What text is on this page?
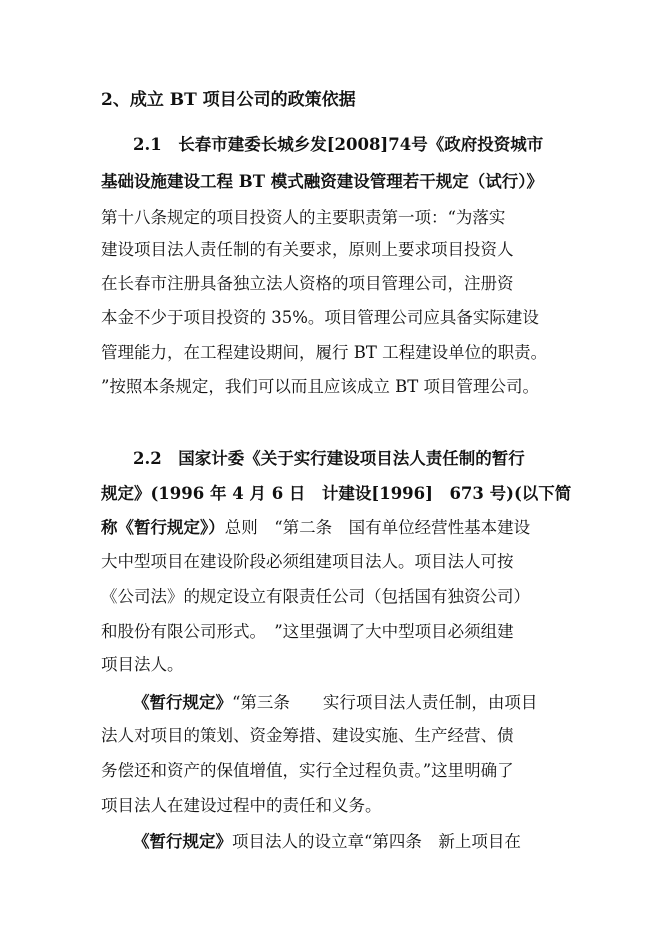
2、成立 BT 项目公司的政策依据
2.1　长春市建委长城乡发[2008]74号《政府投资城市
基础设施建设工程 BT 模式融资建设管理若干规定（试行）》
第十八条规定的项目投资人的主要职责第一项：“为落实
建设项目法人责任制的有关要求，原则上要求项目投资人
在长春市注册具备独立法人资格的项目管理公司，注册资
本金不少于项目投资的 35%。项目管理公司应具备实际建设
管理能力，在工程建设期间，履行 BT 工程建设单位的职责。
”按照本条规定，我们可以而且应该成立 BT 项目管理公司。
2.2　国家计委《关于实行建设项目法人责任制的暂行
规定》(1996 年 4 月 6 日　计建设[1996]　673 号)(以下简
称《暂行规定》）总则　“第二条　国有单位经营性基本建设
大中型项目在建设阶段必须组建项目法人。项目法人可按
《公司法》的规定设立有限责任公司（包括国有独资公司）
和股份有限公司形式。　”这里强调了大中型项目必须组建
项目法人。
《暂行规定》“第三条　　实行项目法人责任制，由项目
法人对项目的策划、资金筹措、建设实施、生产经营、债
务偿还和资产的保值增值，实行全过程负责。”这里明确了
项目法人在建设过程中的责任和义务。
《暂行规定》项目法人的设立章“第四条　新上项目在
